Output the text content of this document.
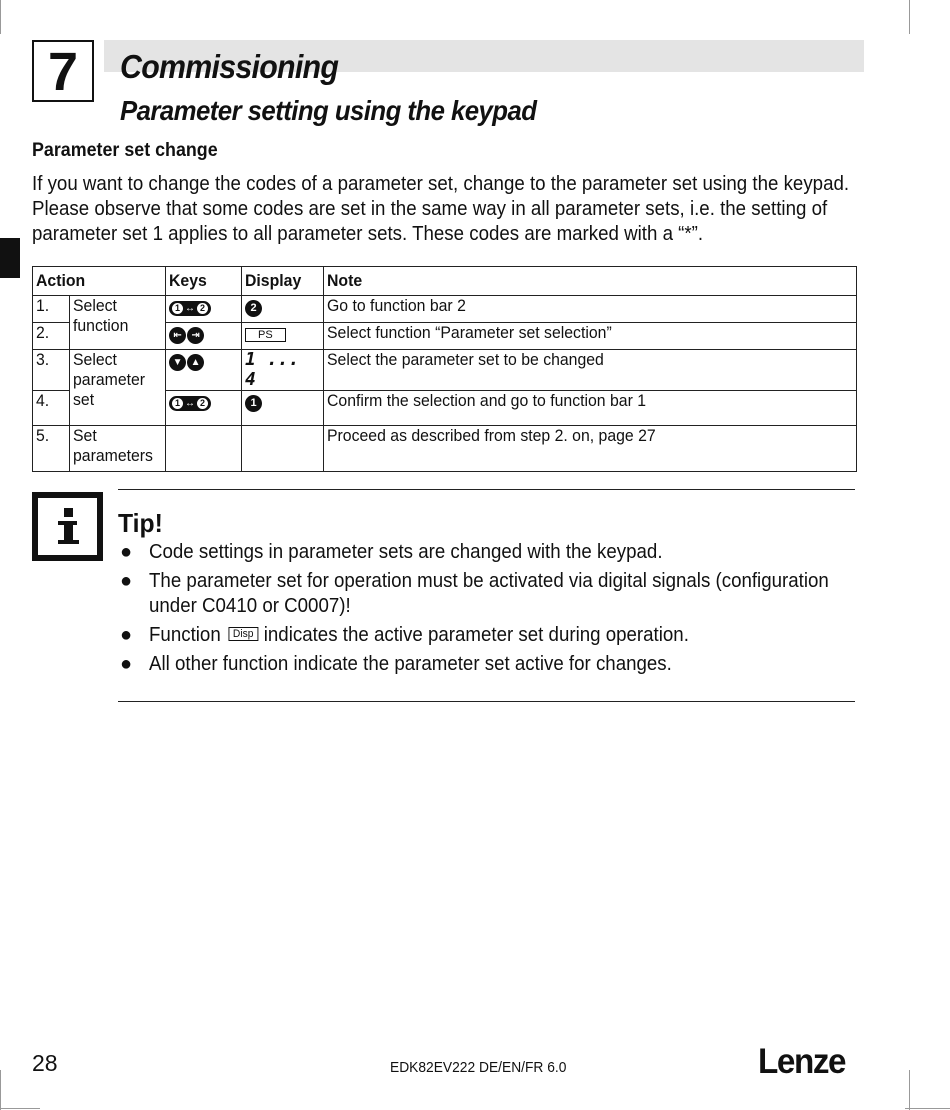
7	Commissioning
Parameter setting using the keypad
Parameter set change

If you want to change the codes of a parameter set, change to the parameter set using the keypad.
Please observe that some codes are set in the same way in all parameter sets, i.e. the setting of
parameter set 1 applies to all parameter sets. These codes are marked with a “*”.

Action		Keys	Display	Note
1.	Select function	1 ↔ 2	2	Go to function bar 2
2.		⇤ ⇥	PS	Select function “Parameter set selection”
3.	Select parameter set	▼ ▲	1 ... 4	Select the parameter set to be changed
4.		1 ↔ 2	1	Confirm the selection and go to function bar 1
5.	Set parameters			Proceed as described from step 2. on, page 27
Tip!
● Code settings in parameter sets are changed with the keypad.
● The parameter set for operation must be activated via digital signals (configuration
under C0410 or C0007)!
● Function Disp indicates the active parameter set during operation.
● All other function indicate the parameter set active for changes.
28	EDK82EV222 DE/EN/FR 6.0	Lenze
